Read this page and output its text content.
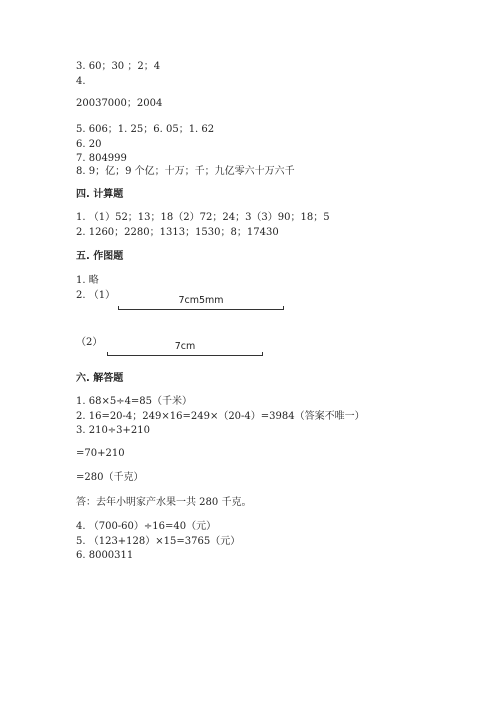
3. 60；30 ；2；4
4.
20037000；2004
5. 606；1. 25；6. 05；1. 62
6. 20
7. 804999
8. 9；亿；9 个亿；十万；千；九亿零六十万六千
四. 计算题
1. （1）52；13；18（2）72；24；3（3）90；18；5
2. 1260；2280；1313；1530；8；17430
五. 作图题
1. 略
2. （1）	7cm5mm
（2）	7cm
六. 解答题
1. 68×5÷4=85（千米）
2. 16=20-4；249×16=249×（20-4）=3984（答案不唯一）
3. 210÷3+210
=70+210
=280（千克）
答：去年小明家产水果一共 280 千克。
4. （700-60）÷16=40（元）
5. （123+128）×15=3765（元）
6. 8000311
